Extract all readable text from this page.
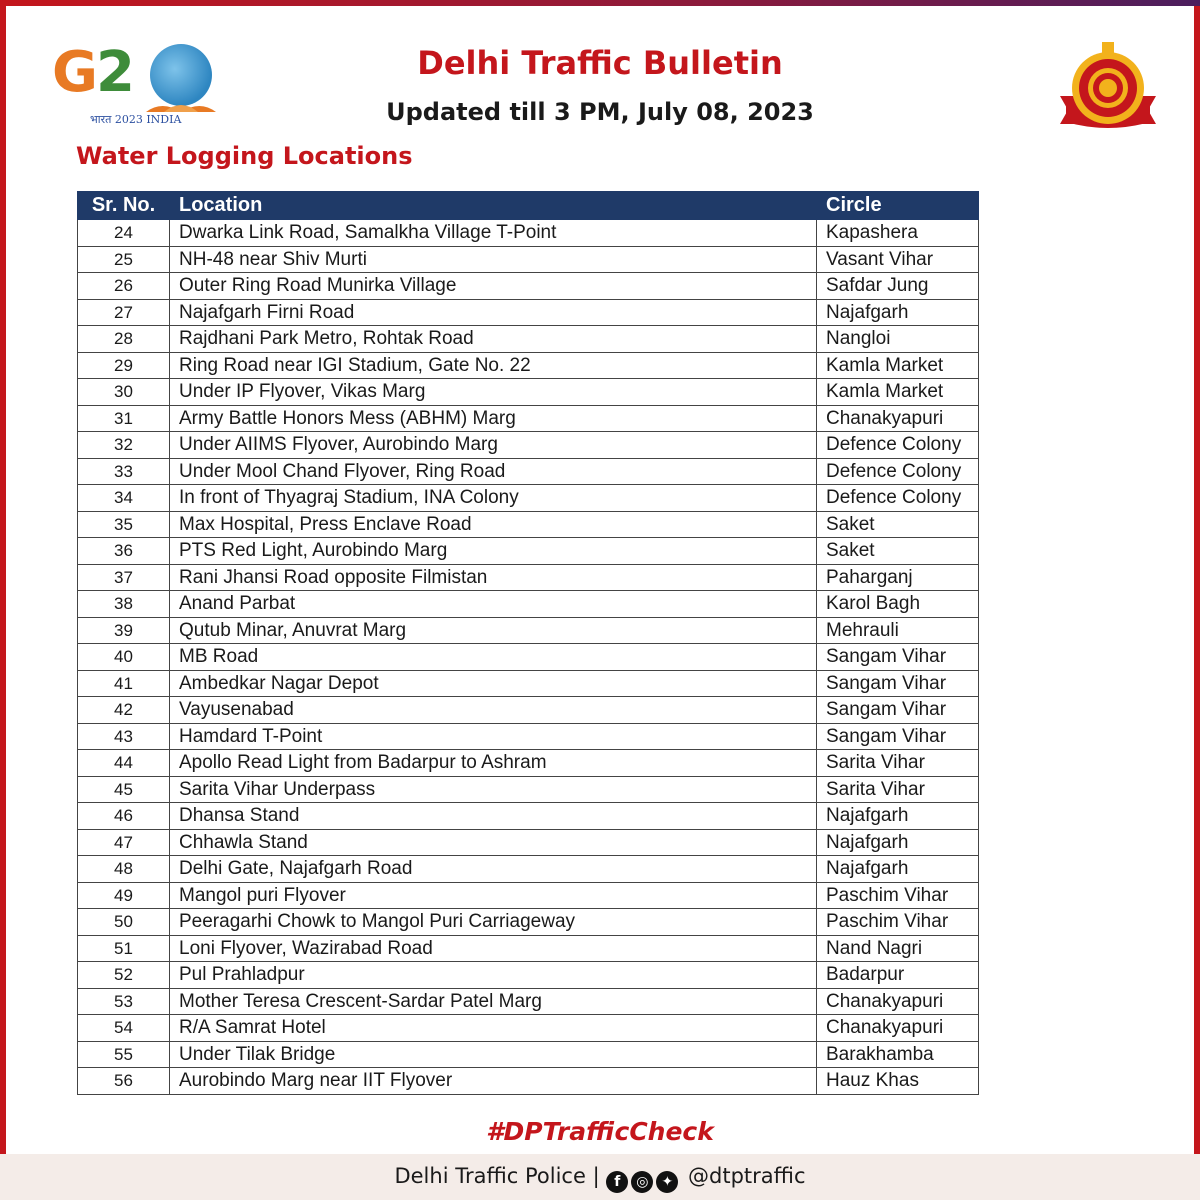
G2
भारत 2023 INDIA
Delhi Traffic Bulletin
Updated till 3 PM, July 08, 2023
Water Logging Locations
Sr. No.	Location	Circle
24	Dwarka Link Road, Samalkha Village T-Point	Kapashera
25	NH-48 near Shiv Murti	Vasant Vihar
26	Outer Ring Road Munirka Village	Safdar Jung
27	Najafgarh Firni Road	Najafgarh
28	Rajdhani Park Metro, Rohtak Road	Nangloi
29	Ring Road near IGI Stadium, Gate No. 22	Kamla Market
30	Under IP Flyover, Vikas Marg	Kamla Market
31	Army Battle Honors Mess (ABHM) Marg	Chanakyapuri
32	Under AIIMS Flyover, Aurobindo Marg	Defence Colony
33	Under Mool Chand Flyover, Ring Road	Defence Colony
34	In front of Thyagraj Stadium, INA Colony	Defence Colony
35	Max Hospital, Press Enclave Road	Saket
36	PTS Red Light, Aurobindo Marg	Saket
37	Rani Jhansi Road opposite Filmistan	Paharganj
38	Anand Parbat	Karol Bagh
39	Qutub Minar, Anuvrat Marg	Mehrauli
40	MB Road	Sangam Vihar
41	Ambedkar Nagar Depot	Sangam Vihar
42	Vayusenabad	Sangam Vihar
43	Hamdard T-Point	Sangam Vihar
44	Apollo Read Light from Badarpur to Ashram	Sarita Vihar
45	Sarita Vihar Underpass	Sarita Vihar
46	Dhansa Stand	Najafgarh
47	Chhawla Stand	Najafgarh
48	Delhi Gate, Najafgarh Road	Najafgarh
49	Mangol puri Flyover	Paschim Vihar
50	Peeragarhi Chowk to Mangol Puri Carriageway	Paschim Vihar
51	Loni Flyover, Wazirabad Road	Nand Nagri
52	Pul Prahladpur	Badarpur
53	Mother Teresa Crescent-Sardar Patel Marg	Chanakyapuri
54	R/A Samrat Hotel	Chanakyapuri
55	Under Tilak Bridge	Barakhamba
56	Aurobindo Marg near IIT Flyover	Hauz Khas
#DPTrafficCheck
Delhi Traffic Police | f ◎ ✦ @dtptraffic
